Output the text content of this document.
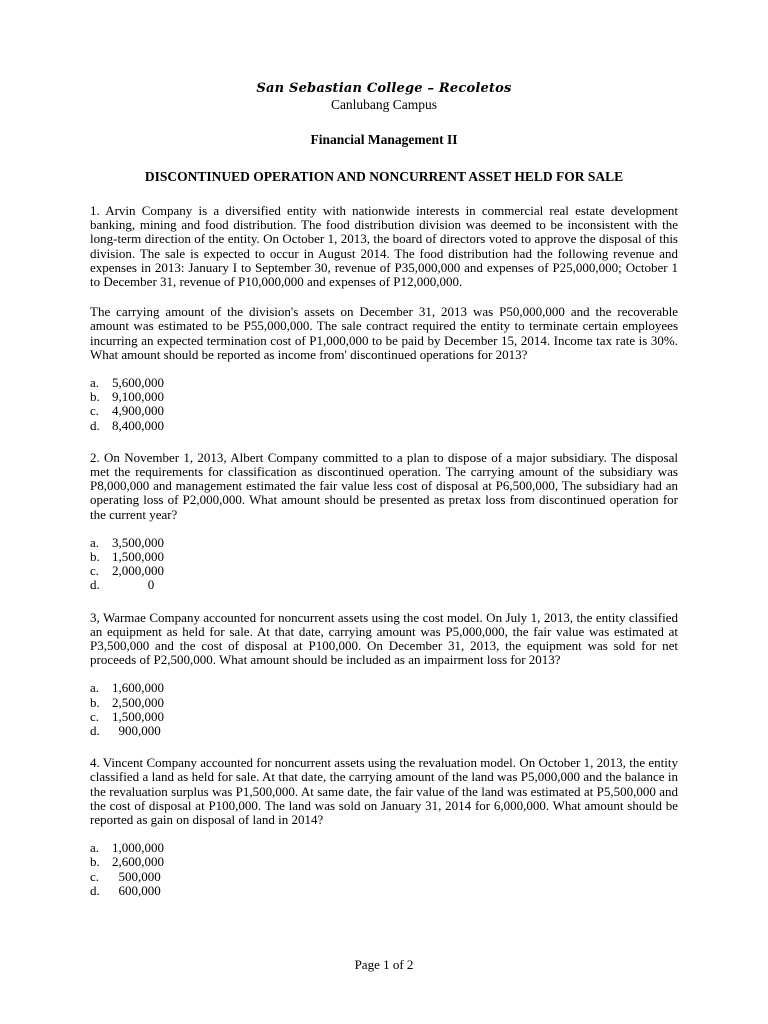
San Sebastian College – Recoletos
Canlubang Campus
Financial Management II
DISCONTINUED OPERATION AND NONCURRENT ASSET HELD FOR SALE

1. Arvin Company is a diversified entity with nationwide interests in commercial real estate development banking, mining and food distribution. The food distribution division was deemed to be inconsistent with the long-term direction of the entity. On October 1, 2013, the board of directors voted to approve the disposal of this division. The sale is expected to occur in August 2014. The food distribution had the following revenue and expenses in 2013: January I to September 30, revenue of P35,000,000 and expenses of P25,000,000; October 1 to December 31, revenue of P10,000,000 and expenses of P12,000,000.

The carrying amount of the division's assets on December 31, 2013 was P50,000,000 and the recoverable amount was estimated to be P55,000,000. The sale contract required the entity to terminate certain employees incurring an expected termination cost of P1,000,000 to be paid by December 15, 2014. Income tax rate is 30%. What amount should be reported as income from' discontinued operations for 2013?

a. 5,600,000
b. 9,100,000
c. 4,900,000
d. 8,400,000

2. On November 1, 2013, Albert Company committed to a plan to dispose of a major subsidiary. The disposal met the requirements for classification as discontinued operation. The carrying amount of the subsidiary was P8,000,000 and management estimated the fair value less cost of disposal at P6,500,000, The subsidiary had an operating loss of P2,000,000. What amount should be presented as pretax loss from discontinued operation for the current year?

a. 3,500,000
b. 1,500,000
c. 2,000,000
d.           0

3, Warmae Company accounted for noncurrent assets using the cost model. On July 1, 2013, the entity classified an equipment as held for sale. At that date, carrying amount was P5,000,000, the fair value was estimated at P3,500,000 and the cost of disposal at P100,000. On December 31, 2013, the equipment was sold for net proceeds of P2,500,000. What amount should be included as an impairment loss for 2013?

a. 1,600,000
b. 2,500,000
c. 1,500,000
d.  900,000

4. Vincent Company accounted for noncurrent assets using the revaluation model. On October 1, 2013, the entity classified a land as held for sale. At that date, the carrying amount of the land was P5,000,000 and the balance in the revaluation surplus was P1,500,000. At same date, the fair value of the land was estimated at P5,500,000 and the cost of disposal at P100,000. The land was sold on January 31, 2014 for 6,000,000. What amount should be reported as gain on disposal of land in 2014?

a. 1,000,000
b. 2,600,000
c.  500,000
d.  600,000
Page 1 of 2
